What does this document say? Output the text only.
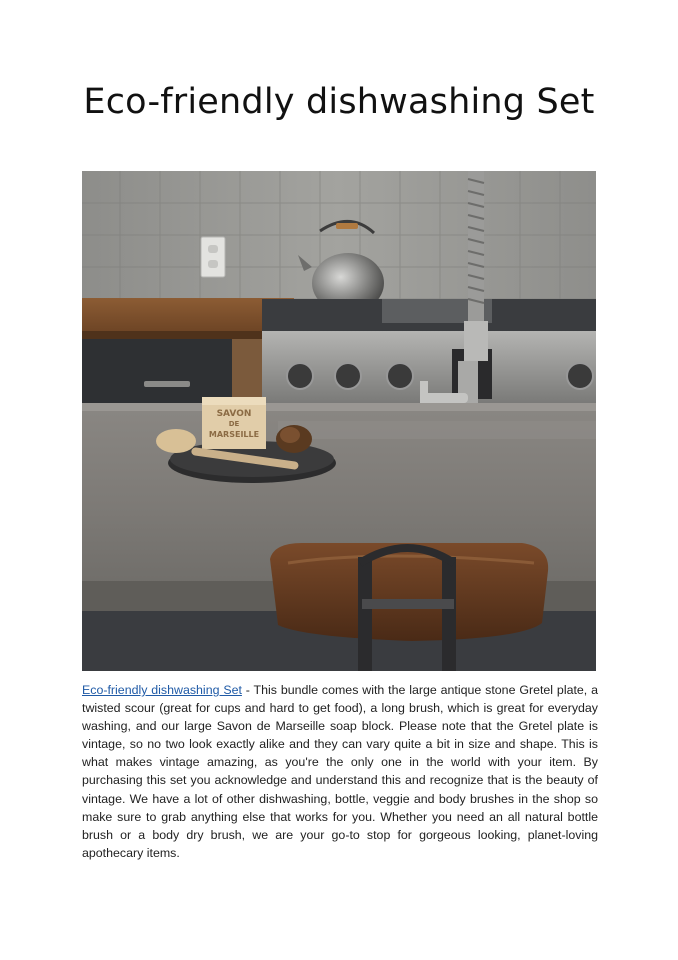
Eco-friendly dishwashing Set
SAVON
DE
MARSEILLE

Eco-friendly dishwashing Set - This bundle comes with the large antique stone Gretel plate, a twisted scour (great for cups and hard to get food), a long brush, which is great for everyday washing, and our large Savon de Marseille soap block. Please note that the Gretel plate is vintage, so no two look exactly alike and they can vary quite a bit in size and shape. This is what makes vintage amazing, as you're the only one in the world with your item. By purchasing this set you acknowledge and understand this and recognize that is the beauty of vintage. We have a lot of other dishwashing, bottle, veggie and body brushes in the shop so make sure to grab anything else that works for you. Whether you need an all natural bottle brush or a body dry brush, we are your go-to stop for gorgeous looking, planet-loving apothecary items.
